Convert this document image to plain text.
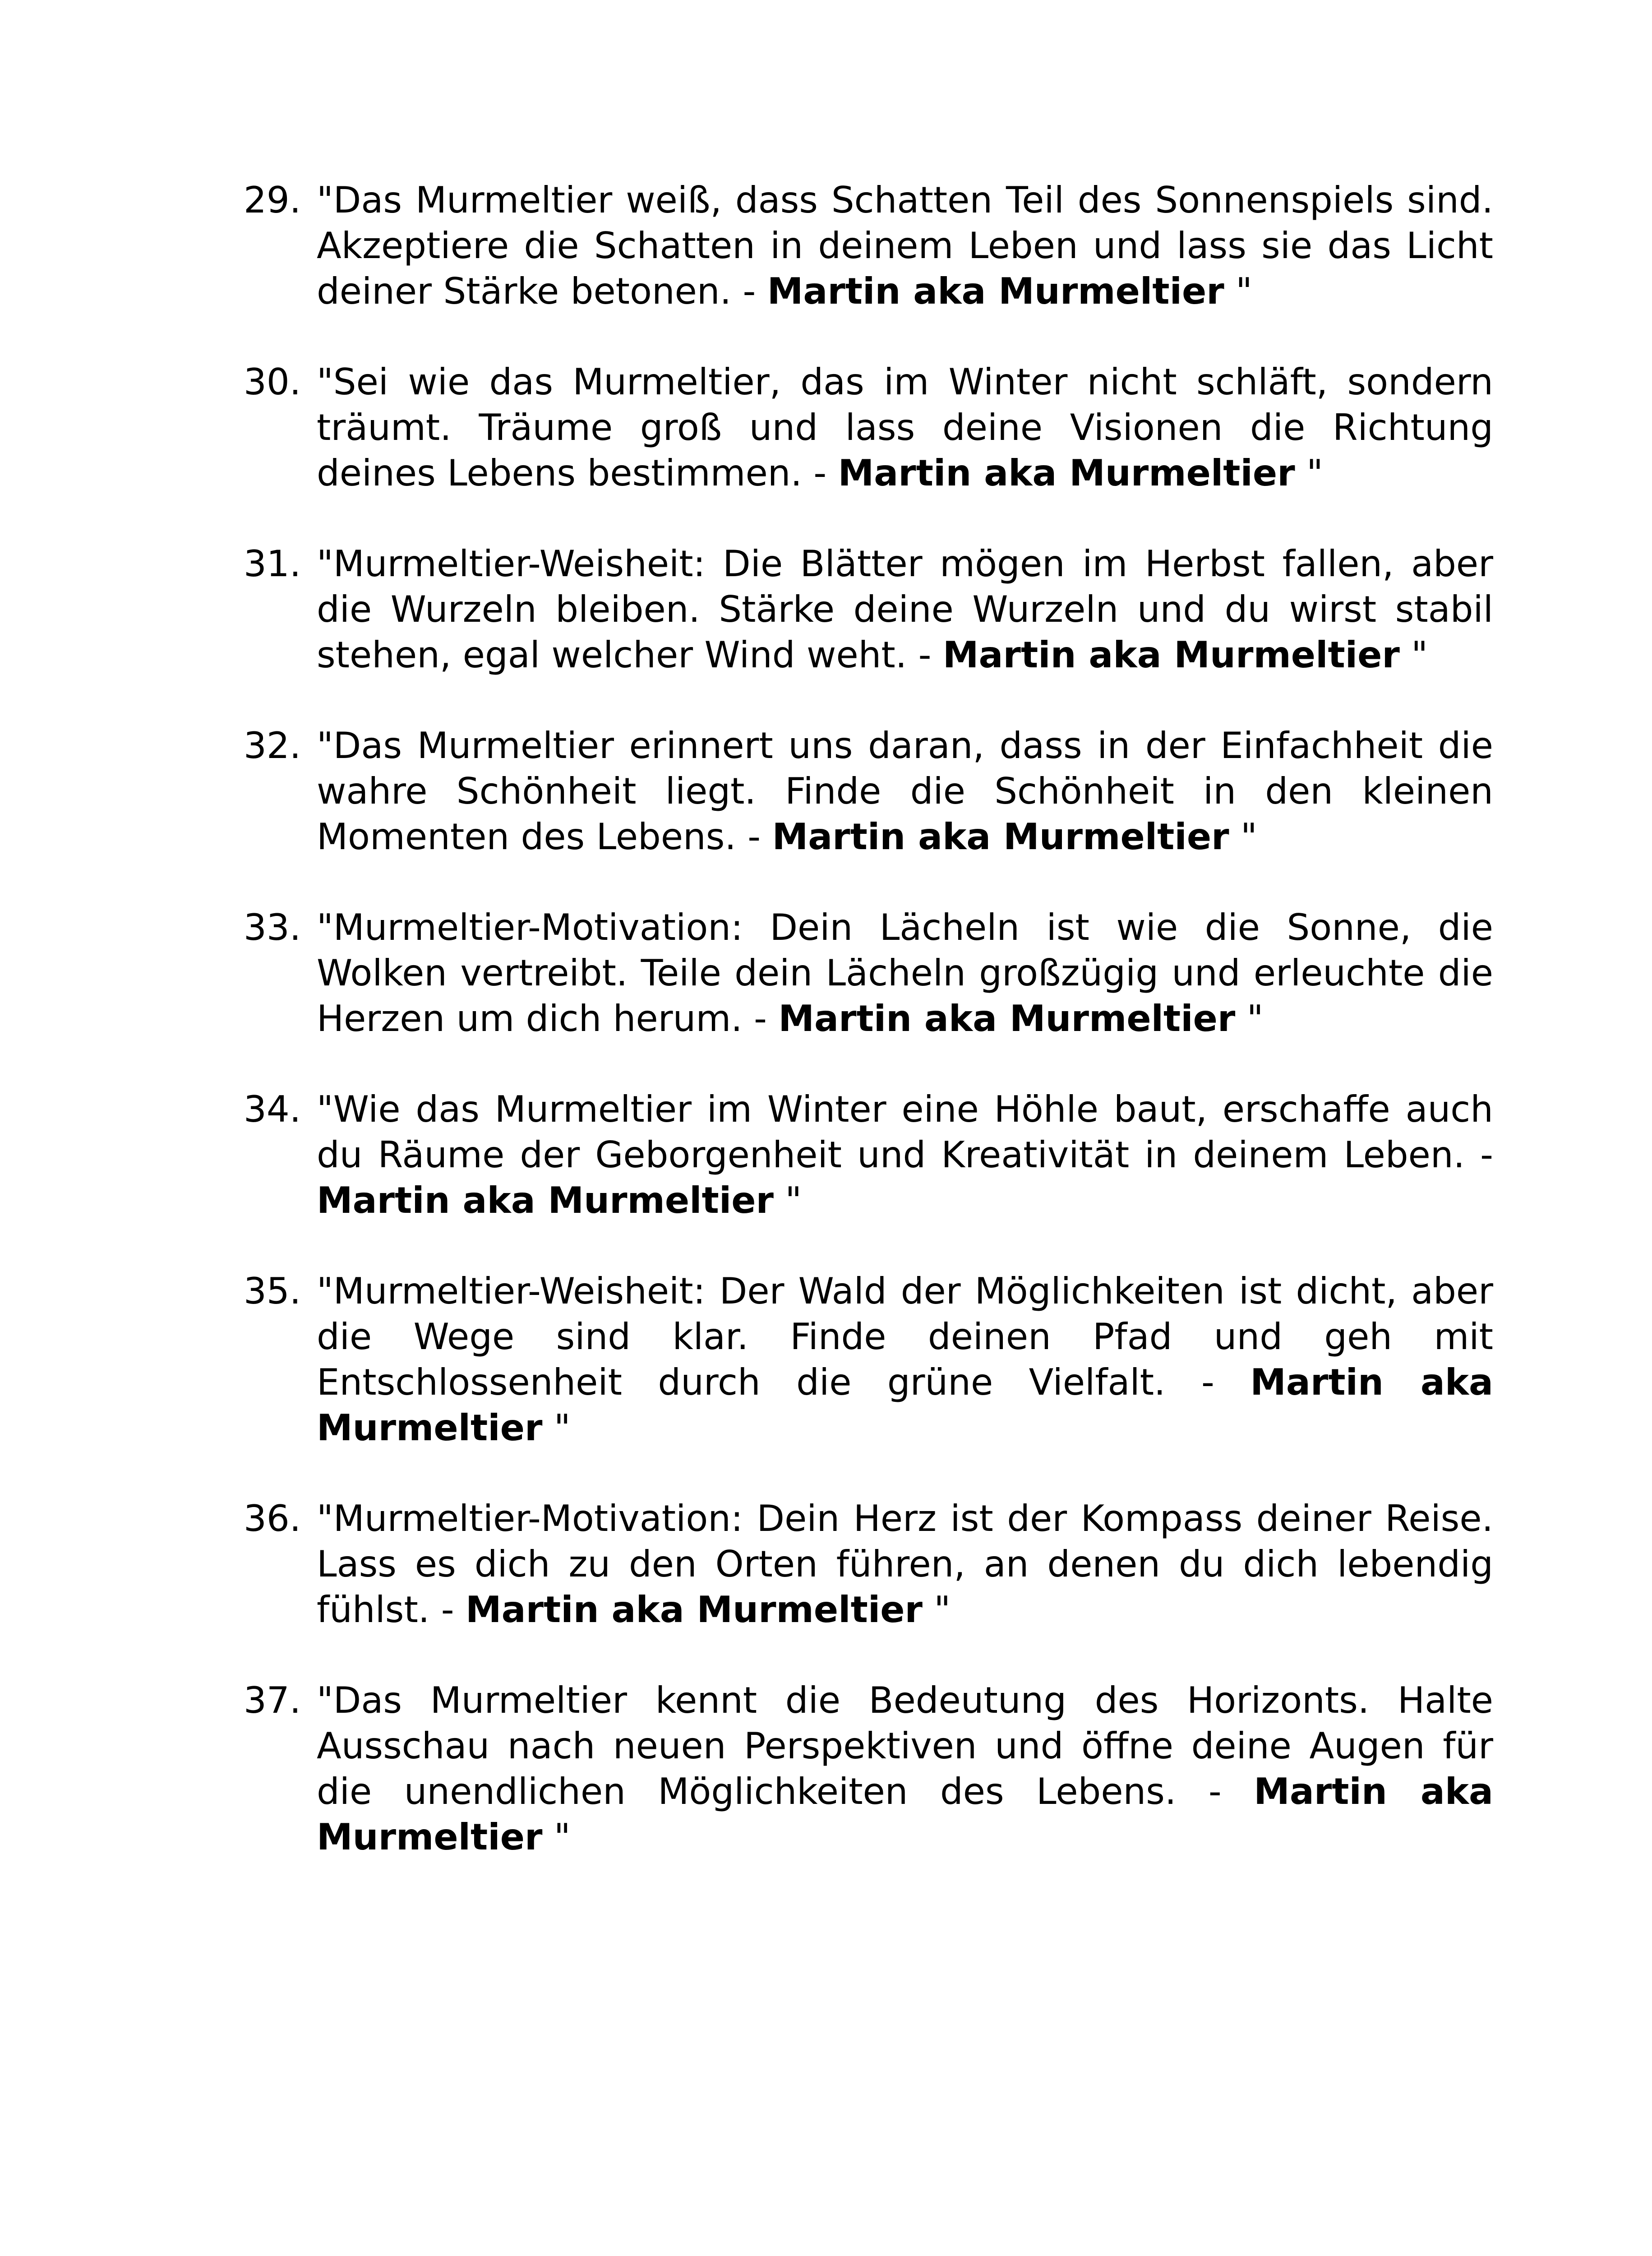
29. "Das Murmeltier weiß, dass Schatten Teil des Sonnenspiels sind. Akzeptiere die Schatten in deinem Leben und lass sie das Licht deiner Stärke betonen. - Martin aka Murmeltier "
30. "Sei wie das Murmeltier, das im Winter nicht schläft, sondern träumt. Träume groß und lass deine Visionen die Richtung deines Lebens bestimmen. - Martin aka Murmeltier "
31. "Murmeltier-Weisheit: Die Blätter mögen im Herbst fallen, aber die Wurzeln bleiben. Stärke deine Wurzeln und du wirst stabil stehen, egal welcher Wind weht. - Martin aka Murmeltier "
32. "Das Murmeltier erinnert uns daran, dass in der Einfachheit die wahre Schönheit liegt. Finde die Schönheit in den kleinen Momenten des Lebens. - Martin aka Murmeltier "
33. "Murmeltier-Motivation: Dein Lächeln ist wie die Sonne, die Wolken vertreibt. Teile dein Lächeln großzügig und erleuchte die Herzen um dich herum. - Martin aka Murmeltier "
34. "Wie das Murmeltier im Winter eine Höhle baut, erschaffe auch du Räume der Geborgenheit und Kreativität in deinem Leben. - Martin aka Murmeltier "
35. "Murmeltier-Weisheit: Der Wald der Möglichkeiten ist dicht, aber die Wege sind klar. Finde deinen Pfad und geh mit Entschlossenheit durch die grüne Vielfalt. - Martin aka Murmeltier "
36. "Murmeltier-Motivation: Dein Herz ist der Kompass deiner Reise. Lass es dich zu den Orten führen, an denen du dich lebendig fühlst. - Martin aka Murmeltier "
37. "Das Murmeltier kennt die Bedeutung des Horizonts. Halte Ausschau nach neuen Perspektiven und öffne deine Augen für die unendlichen Möglichkeiten des Lebens. - Martin aka Murmeltier "
